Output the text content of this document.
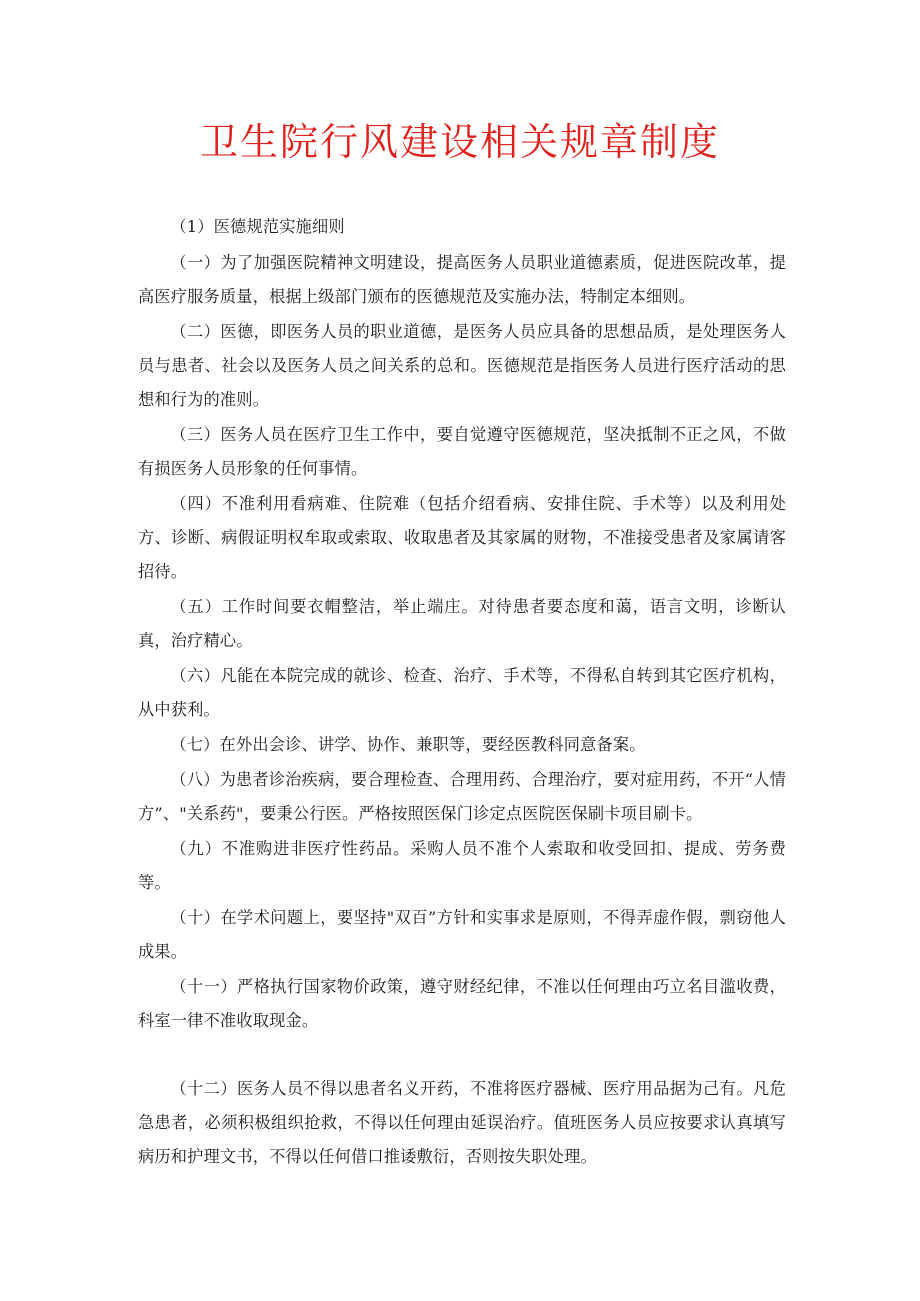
卫生院行风建设相关规章制度

（1）医德规范实施细则

（一）为了加强医院精神文明建设，提高医务人员职业道德素质，促进医院改革，提高医疗服务质量，根据上级部门颁布的医德规范及实施办法，特制定本细则。

（二）医德，即医务人员的职业道德，是医务人员应具备的思想品质，是处理医务人员与患者、社会以及医务人员之间关系的总和。医德规范是指医务人员进行医疗活动的思想和行为的准则。

（三）医务人员在医疗卫生工作中，要自觉遵守医德规范，坚决抵制不正之风，不做有损医务人员形象的任何事情。

（四）不准利用看病难、住院难（包括介绍看病、安排住院、手术等）以及利用处方、诊断、病假证明权牟取或索取、收取患者及其家属的财物，不准接受患者及家属请客招待。

（五）工作时间要衣帽整洁，举止端庄。对待患者要态度和蔼，语言文明，诊断认真，治疗精心。

（六）凡能在本院完成的就诊、检查、治疗、手术等，不得私自转到其它医疗机构，从中获利。

（七）在外出会诊、讲学、协作、兼职等，要经医教科同意备案。

（八）为患者诊治疾病，要合理检查、合理用药、合理治疗，要对症用药，不开“人情方”、"关系药"，要秉公行医。严格按照医保门诊定点医院医保刷卡项目刷卡。

（九）不准购进非医疗性药品。采购人员不准个人索取和收受回扣、提成、劳务费等。

（十）在学术问题上，要坚持"双百”方针和实事求是原则，不得弄虚作假，剽窃他人成果。

（十一）严格执行国家物价政策，遵守财经纪律，不准以任何理由巧立名目滥收费，科室一律不准收取现金。

（十二）医务人员不得以患者名义开药，不准将医疗器械、医疗用品据为己有。凡危急患者，必须积极组织抢救，不得以任何理由延误治疗。值班医务人员应按要求认真填写病历和护理文书，不得以任何借口推诿敷衍，否则按失职处理。
